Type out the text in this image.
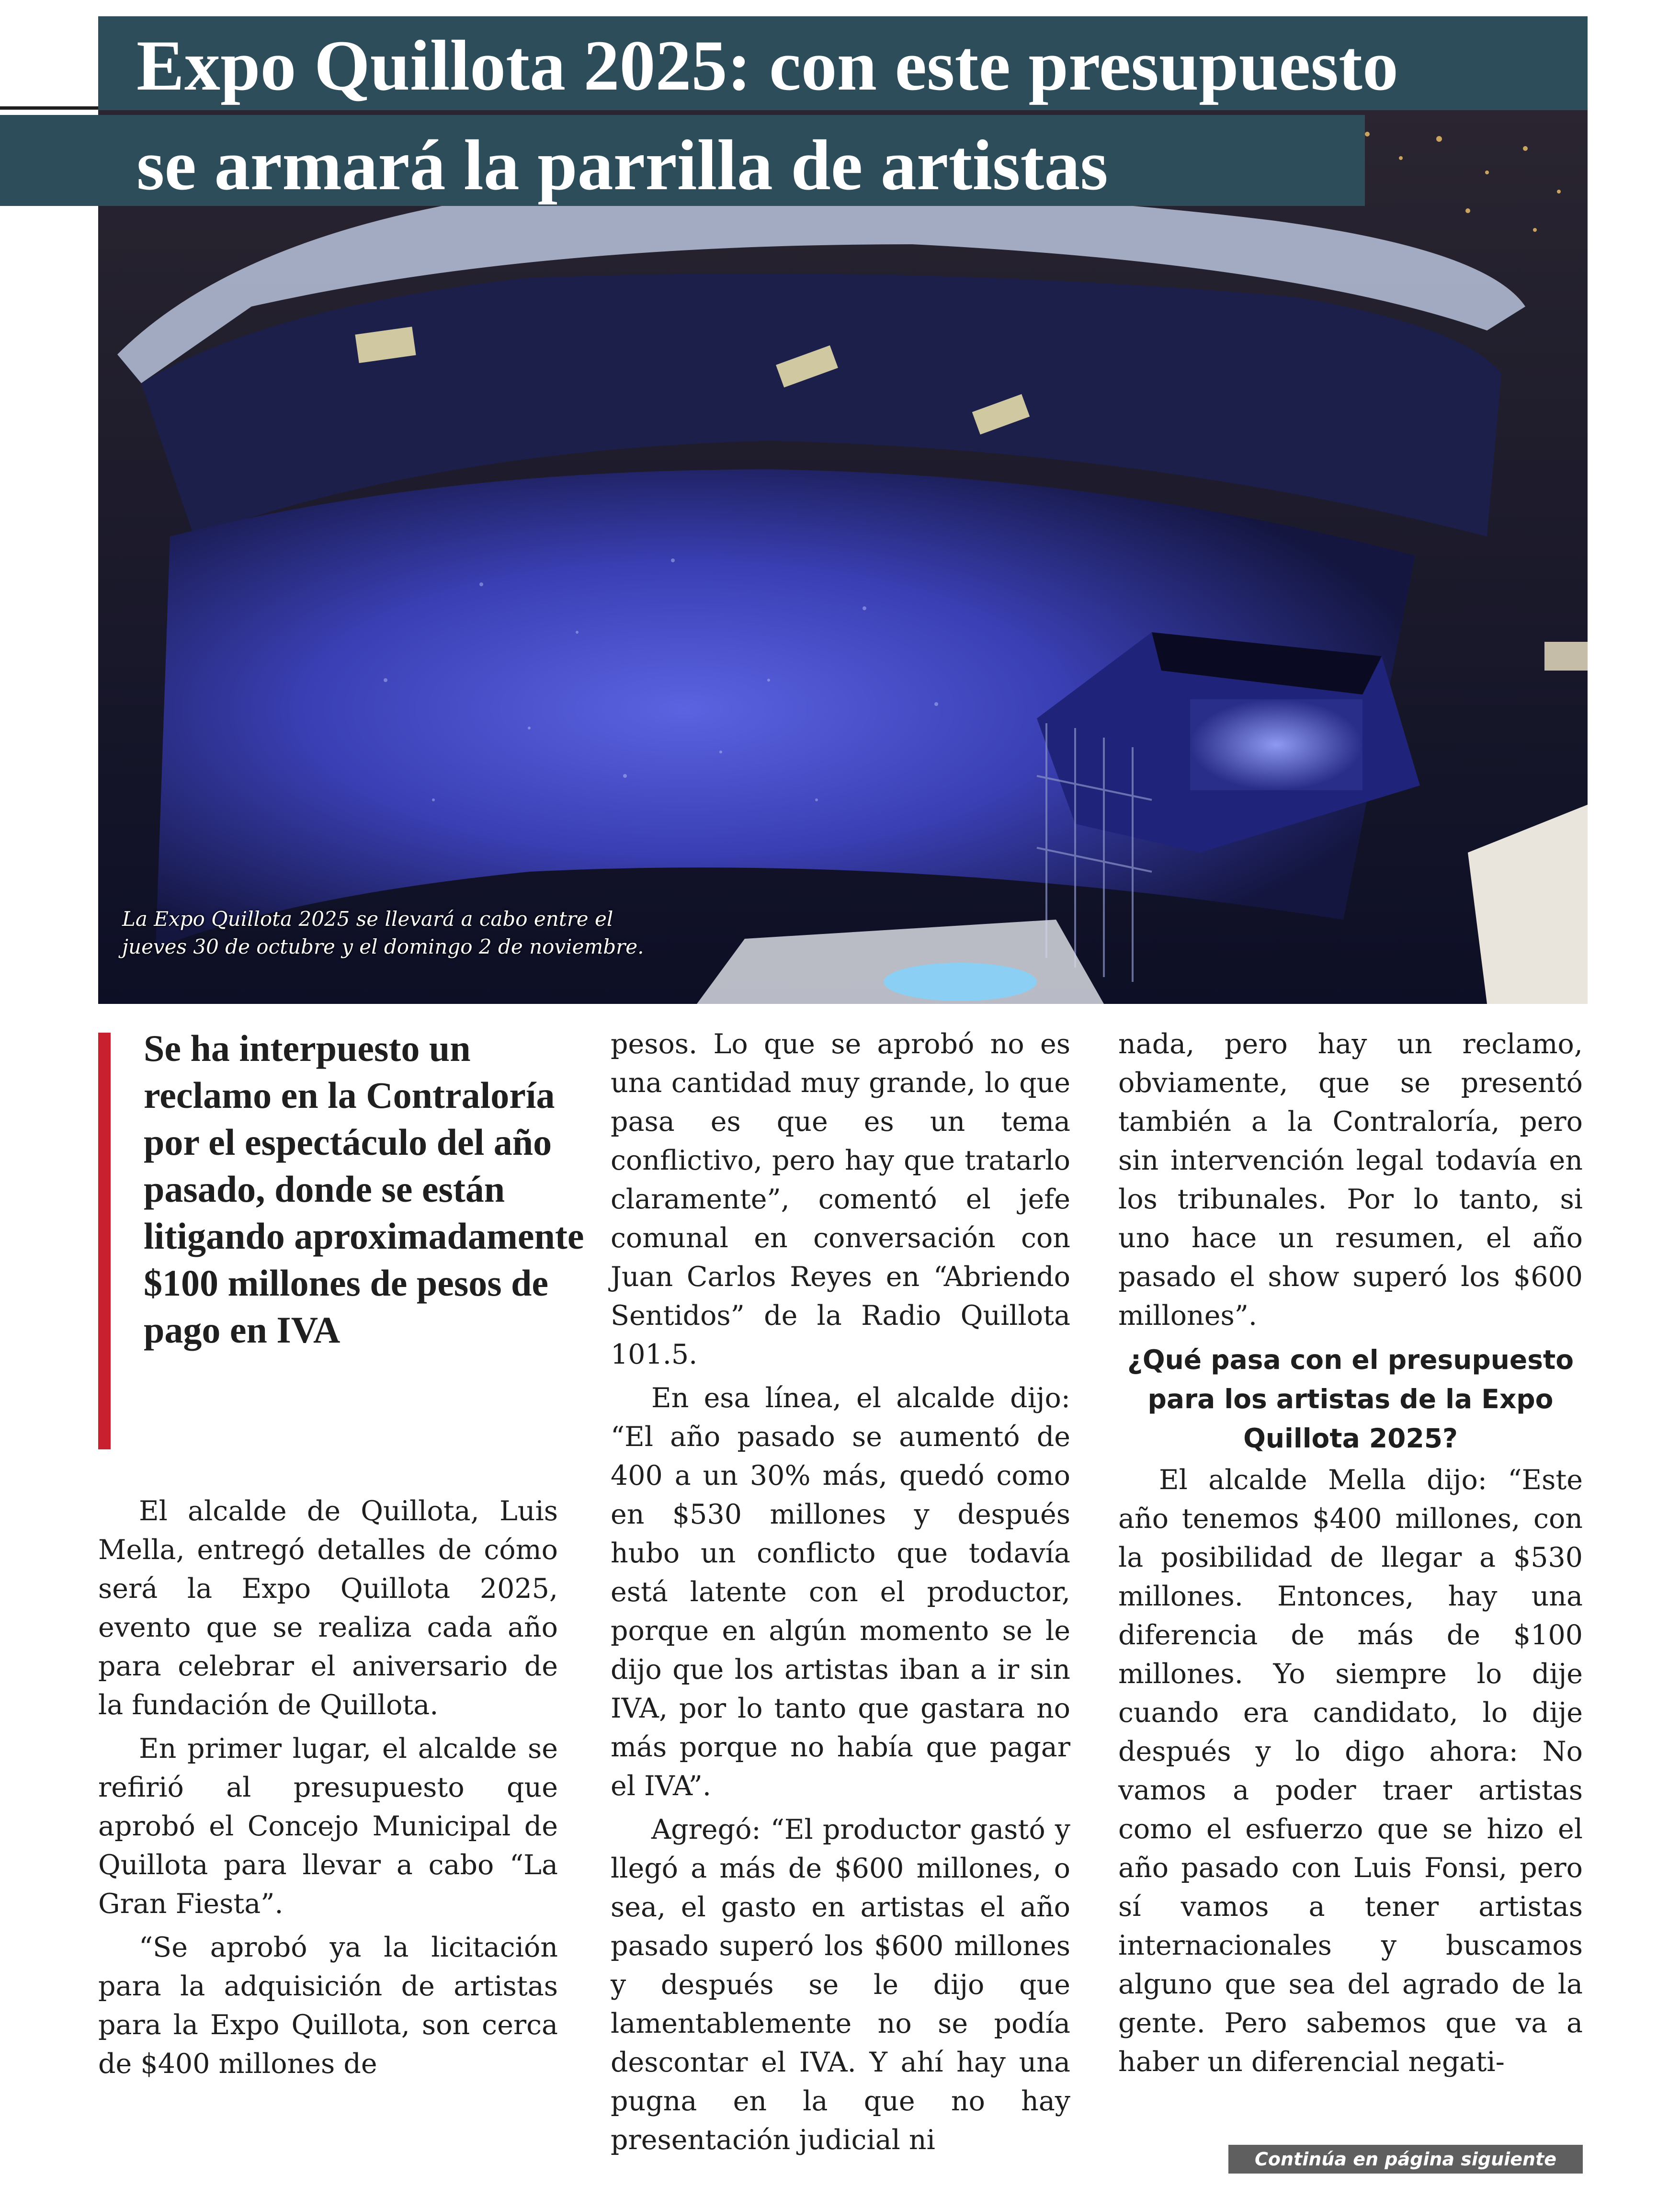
La Expo Quillota 2025 se llevará a cabo entre el
jueves 30 de octubre y el domingo 2 de noviembre.
Expo Quillota 2025: con este presupuesto
se armará la parrilla de artistas

Se ha interpuesto un reclamo en la Contraloría por el espectáculo del año pasado, donde se están litigando aproximadamente $100 millones de pesos de pago en IVA

El alcalde de Quillota, Luis Mella, entregó detalles de cómo será la Expo Quillota 2025, evento que se realiza cada año para celebrar el aniversario de la fundación de Quillota.

En primer lugar, el alcalde se refirió al presupuesto que aprobó el Concejo Municipal de Quillota para llevar a cabo “La Gran Fiesta”.

“Se aprobó ya la licitación para la adquisición de artistas para la Expo Quillota, son cerca de $400 millones de

pesos. Lo que se aprobó no es una cantidad muy grande, lo que pasa es que es un tema conflictivo, pero hay que tratarlo claramente”, comentó el jefe comunal en conversación con Juan Carlos Reyes en “Abriendo Sentidos” de la Radio Quillota 101.5.

En esa línea, el alcalde dijo: “El año pasado se aumentó de 400 a un 30% más, quedó como en $530 millones y después hubo un conflicto que todavía está latente con el productor, porque en algún momento se le dijo que los artistas iban a ir sin IVA, por lo tanto que gastara no más porque no había que pagar el IVA”.

Agregó: “El productor gastó y llegó a más de $600 millones, o sea, el gasto en artistas el año pasado superó los $600 millones y después se le dijo que lamentablemente no se podía descontar el IVA. Y ahí hay una pugna en la que no hay presentación judicial ni

nada, pero hay un reclamo, obviamente, que se presentó también a la Contraloría, pero sin intervención legal todavía en los tribunales. Por lo tanto, si uno hace un resumen, el año pasado el show superó los $600 millones”.

¿Qué pasa con el presupuesto para los artistas de la Expo Quillota 2025?

El alcalde Mella dijo: “Este año tenemos $400 millones, con la posibilidad de llegar a $530 millones. Entonces, hay una diferencia de más de $100 millones. Yo siempre lo dije cuando era candidato, lo dije después y lo digo ahora: No vamos a poder traer artistas como el esfuerzo que se hizo el año pasado con Luis Fonsi, pero sí vamos a tener artistas internacionales y buscamos alguno que sea del agrado de la gente. Pero sabemos que va a haber un diferencial negati-

Continúa en página siguiente
